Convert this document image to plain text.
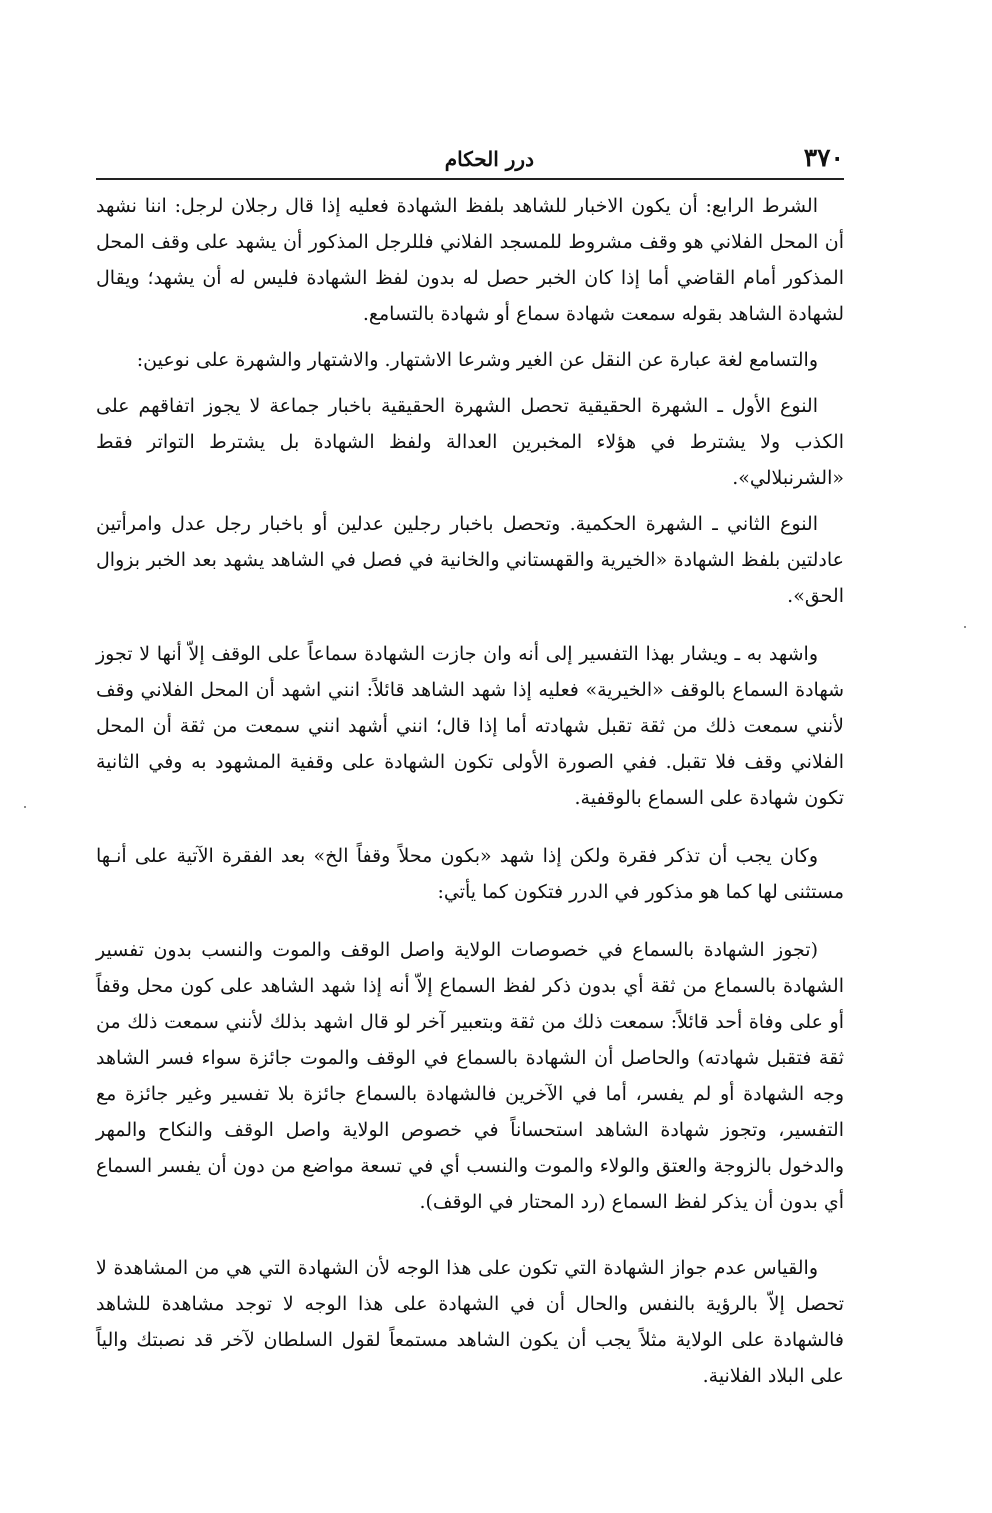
٣٧٠
درر الحكام

الشرط الرابع: أن يكون الاخبار للشاهد بلفظ الشهادة فعليه إذا قال رجلان لرجل: اننا نشهد أن المحل الفلاني هو وقف مشروط للمسجد الفلاني فللرجل المذكور أن يشهد على وقف المحل المذكور أمام القاضي أما إذا كان الخبر حصل له بدون لفظ الشهادة فليس له أن يشهد؛ ويقال لشهادة الشاهد بقوله سمعت شهادة سماع أو شهادة بالتسامع.

والتسامع لغة عبارة عن النقل عن الغير وشرعا الاشتهار. والاشتهار والشهرة على نوعين:

النوع الأول ـ الشهرة الحقيقية تحصل الشهرة الحقيقية باخبار جماعة لا يجوز اتفاقهم على الكذب ولا يشترط في هؤلاء المخبرين العدالة ولفظ الشهادة بل يشترط التواتر فقط «الشرنبلالي».

النوع الثاني ـ الشهرة الحكمية. وتحصل باخبار رجلين عدلين أو باخبار رجل عدل وامرأتين عادلتين بلفظ الشهادة «الخيرية والقهستاني والخانية في فصل في الشاهد يشهد بعد الخبر بزوال الحق».

واشهد به ـ ويشار بهذا التفسير إلى أنه وان جازت الشهادة سماعاً على الوقف إلاّ أنها لا تجوز شهادة السماع بالوقف «الخيرية» فعليه إذا شهد الشاهد قائلاً: انني اشهد أن المحل الفلاني وقف لأنني سمعت ذلك من ثقة تقبل شهادته أما إذا قال؛ انني أشهد انني سمعت من ثقة أن المحل الفلاني وقف فلا تقبل. ففي الصورة الأولى تكون الشهادة على وقفية المشهود به وفي الثانية تكون شهادة على السماع بالوقفية.

وكان يجب أن تذكر فقرة ولكن إذا شهد «بكون محلاً وقفاً الخ» بعد الفقرة الآتية على أنـها مستثنى لها كما هو مذكور في الدرر فتكون كما يأتي:

(تجوز الشهادة بالسماع في خصوصات الولاية واصل الوقف والموت والنسب بدون تفسير الشهادة بالسماع من ثقة أي بدون ذكر لفظ السماع إلاّ أنه إذا شهد الشاهد على كون محل وقفاً أو على وفاة أحد قائلاً: سمعت ذلك من ثقة وبتعبير آخر لو قال اشهد بذلك لأنني سمعت ذلك من ثقة فتقبل شهادته) والحاصل أن الشهادة بالسماع في الوقف والموت جائزة سواء فسر الشاهد وجه الشهادة أو لم يفسر، أما في الآخرين فالشهادة بالسماع جائزة بلا تفسير وغير جائزة مع التفسير، وتجوز شهادة الشاهد استحساناً في خصوص الولاية واصل الوقف والنكاح والمهر والدخول بالزوجة والعتق والولاء والموت والنسب أي في تسعة مواضع من دون أن يفسر السماع أي بدون أن يذكر لفظ السماع (رد المحتار في الوقف).

والقياس عدم جواز الشهادة التي تكون على هذا الوجه لأن الشهادة التي هي من المشاهدة لا تحصل إلاّ بالرؤية بالنفس والحال أن في الشهادة على هذا الوجه لا توجد مشاهدة للشاهد فالشهادة على الولاية مثلاً يجب أن يكون الشاهد مستمعاً لقول السلطان لآخر قد نصبتك والياً على البلاد الفلانية.
